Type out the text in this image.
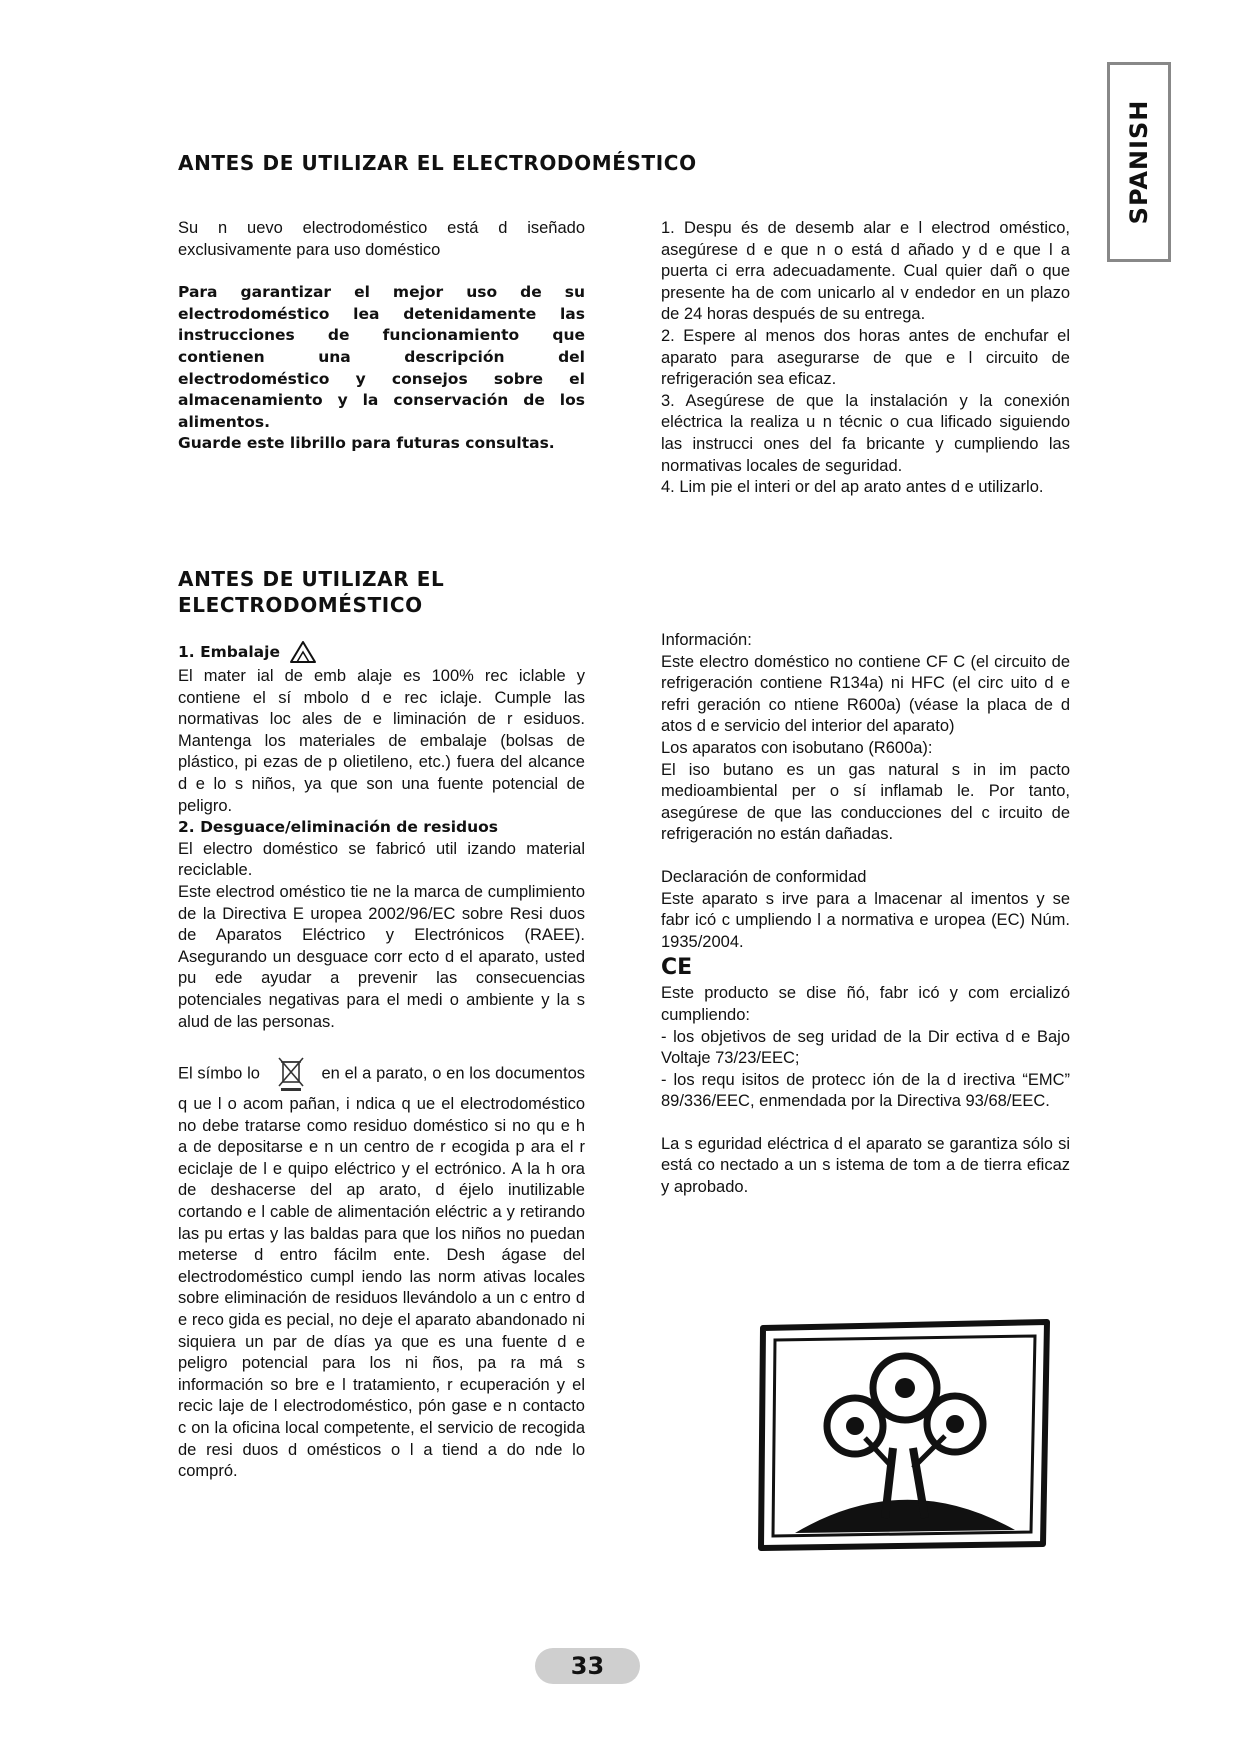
SPANISH
ANTES DE UTILIZAR EL ELECTRODOMÉSTICO

Su n uevo electrodoméstico está d iseñado exclusivamente para uso doméstico

Para garantizar el mejor uso de su electrodoméstico lea detenidamente las instrucciones de funcionamiento que contienen una descripción del electrodoméstico y consejos sobre el almacenamiento y la conservación de los alimentos.

Guarde este librillo para futuras consultas.

1. Despu és de desemb alar e l electrod oméstico, asegúrese d e que n o está d añado y d e que l a puerta ci erra adecuadamente. Cual quier dañ o que presente ha de com unicarlo al v endedor en un plazo de 24 horas después de su entrega.

2. Espere al menos dos horas antes de enchufar el aparato para asegurarse de que e l circuito de refrigeración sea eficaz.

3. Asegúrese de que la instalación y la conexión eléctrica la realiza u n técnic o cua lificado siguiendo las instrucci ones del fa bricante y cumpliendo las normativas locales de seguridad.

4. Lim pie el interi or del ap arato antes d e utilizarlo.

ANTES DE UTILIZAR EL
ELECTRODOMÉSTICO
1. Embalaje

El mater ial de emb alaje es 100% rec iclable y contiene el sí mbolo d e rec iclaje. Cumple las normativas loc ales de e liminación de r esiduos. Mantenga los materiales de embalaje (bolsas de plástico, pi ezas de p olietileno, etc.) fuera del alcance d e lo s niños, ya que son una fuente potencial de peligro.

2. Desguace/eliminación de residuos

El electro doméstico se fabricó util izando material reciclable.

Este electrod oméstico tie ne la marca de cumplimiento de la Directiva E uropea 2002/96/EC sobre Resi duos de Aparatos Eléctrico y Electrónicos (RAEE). Asegurando un desguace corr ecto d el aparato, usted pu ede ayudar a prevenir las consecuencias potenciales negativas para el medi o ambiente y la s alud de las personas.

El símbo lo	en el a parato, o en los documentos q ue l o acom pañan, i ndica q ue el electrodoméstico no debe tratarse como residuo doméstico si no qu e h a de depositarse e n un centro de r ecogida p ara el r eciclaje de l e quipo eléctrico y el ectrónico. A la h ora de deshacerse del ap arato, d éjelo inutilizable cortando e l cable de alimentación eléctric a y retirando las pu ertas y las baldas para que los niños no puedan meterse d entro fácilm ente. Desh ágase del electrodoméstico cumpl iendo las norm ativas locales sobre eliminación de residuos llevándolo a un c entro d e reco gida es pecial, no deje el aparato abandonado ni siquiera un par de días ya que es una fuente d e peligro potencial para los ni ños, pa ra má s información so bre e l tratamiento, r ecuperación y el recic laje de l electrodoméstico, pón gase e n contacto c on la oficina local competente, el servicio de recogida de resi duos d omésticos o l a tiend a do nde lo compró.

Información:

Este electro doméstico no contiene CF C (el circuito de refrigeración contiene R134a) ni HFC (el circ uito d e refri geración co ntiene R600a) (véase la placa de d atos d e servicio del interior del aparato)

Los aparatos con isobutano (R600a):

El iso butano es un gas natural s in im pacto medioambiental per o sí inflamab le. Por tanto, asegúrese de que las conducciones del c ircuito de refrigeración no están dañadas.

Declaración de conformidad

Este aparato s irve para a lmacenar al imentos y se fabr icó c umpliendo l a normativa e uropea (EC) Núm. 1935/2004.

CE

Este producto se dise ñó, fabr icó y com ercializó cumpliendo:

- los objetivos de seg uridad de la Dir ectiva d e Bajo Voltaje 73/23/EEC;

- los requ isitos de protecc ión de la d irectiva “EMC” 89/336/EEC, enmendada por la Directiva 93/68/EEC.

La s eguridad eléctrica d el aparato se garantiza sólo si está co nectado a un s istema de tom a de tierra eficaz y aprobado.

33
